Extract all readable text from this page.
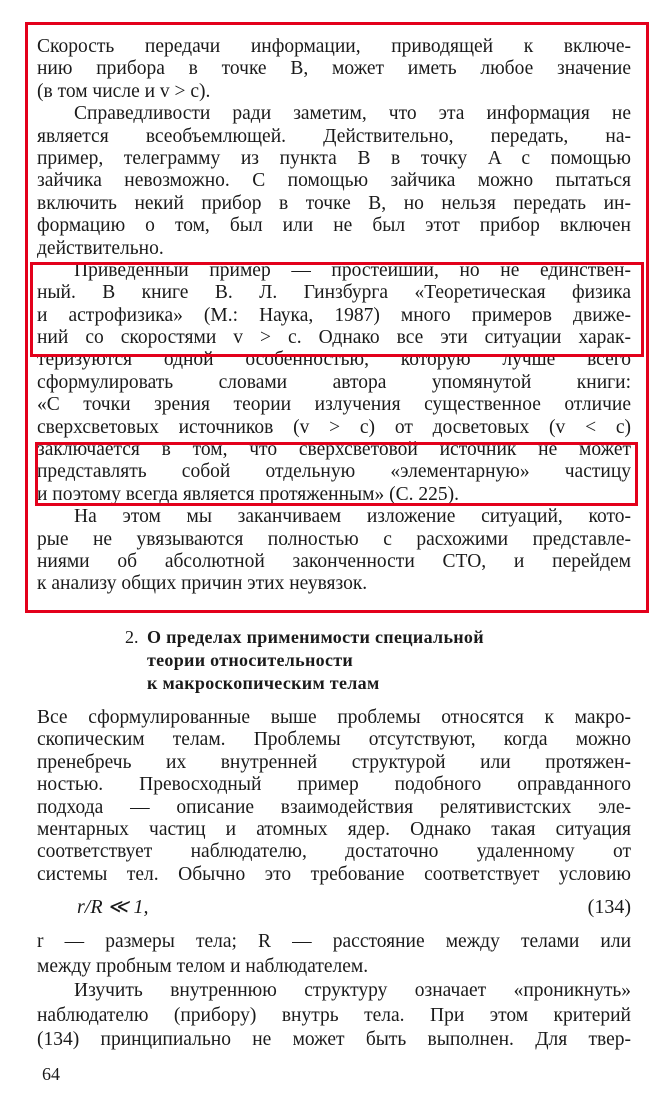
Скорость передачи информации, приводящей к включе-
нию прибора в точке B, может иметь любое значение
(в том числе и v > c).
Справедливости ради заметим, что эта информация не
является всеобъемлющей. Действительно, передать, на-
пример, телеграмму из пункта B в точку A с помощью
зайчика невозможно. С помощью зайчика можно пытаться
включить некий прибор в точке B, но нельзя передать ин-
формацию о том, был или не был этот прибор включен
действительно.
Приведенный пример — простейший, но не единствен-
ный. В книге В. Л. Гинзбурга «Теоретическая физика
и астрофизика» (М.: Наука, 1987) много примеров движе-
ний со скоростями v > c. Однако все эти ситуации харак-
теризуются одной особенностью, которую лучше всего
сформулировать словами автора упомянутой книги:
«С точки зрения теории излучения существенное отличие
сверхсветовых источников (v > c) от досветовых (v < c)
заключается в том, что сверхсветовой источник не может
представлять собой отдельную «элементарную» частицу
и поэтому всегда является протяженным» (С. 225).
На этом мы заканчиваем изложение ситуаций, кото-
рые не увязываются полностью с расхожими представле-
ниями об абсолютной законченности СТО, и перейдем
к анализу общих причин этих неувязок.
2. О пределах применимости специальной
теории относительности
к макроскопическим телам
Все сформулированные выше проблемы относятся к макро-
скопическим телам. Проблемы отсутствуют, когда можно
пренебречь их внутренней структурой или протяжен-
ностью. Превосходный пример подобного оправданного
подхода — описание взаимодействия релятивистских эле-
ментарных частиц и атомных ядер. Однако такая ситуация
соответствует наблюдателю, достаточно удаленному от
системы тел. Обычно это требование соответствует условию
r/R ≪ 1,	(134)
r — размеры тела; R — расстояние между телами или
между пробным телом и наблюдателем.
Изучить внутреннюю структуру означает «проникнуть»
наблюдателю (прибору) внутрь тела. При этом критерий
(134) принципиально не может быть выполнен. Для твер-
64
